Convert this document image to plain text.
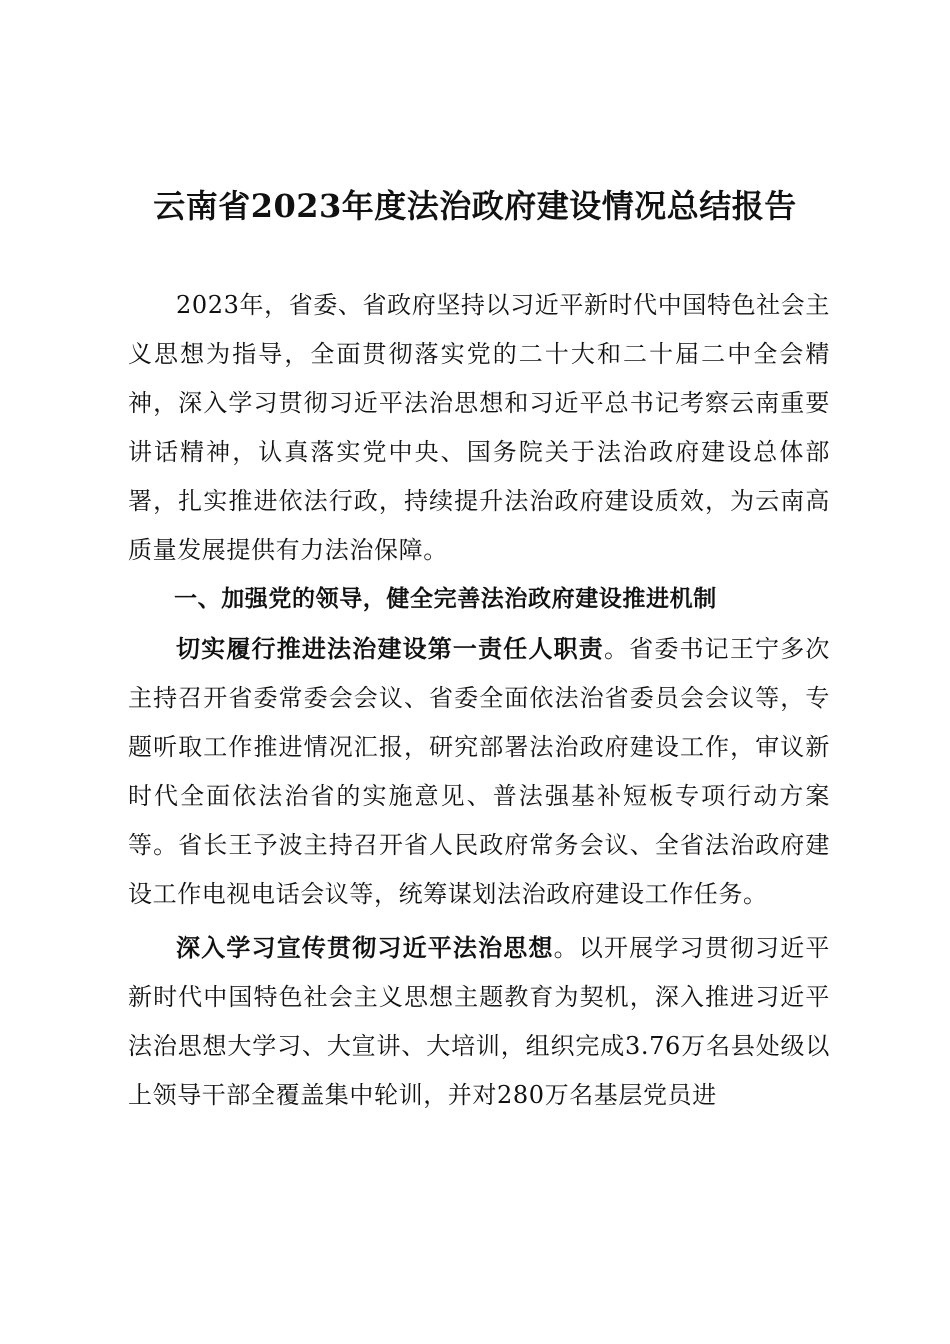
云南省2023年度法治政府建设情况总结报告

2023年，省委、省政府坚持以习近平新时代中国特色社会主义思想为指导，全面贯彻落实党的二十大和二十届二中全会精神，深入学习贯彻习近平法治思想和习近平总书记考察云南重要讲话精神，认真落实党中央、国务院关于法治政府建设总体部署，扎实推进依法行政，持续提升法治政府建设质效，为云南高质量发展提供有力法治保障。

一、加强党的领导，健全完善法治政府建设推进机制

切实履行推进法治建设第一责任人职责。省委书记王宁多次主持召开省委常委会会议、省委全面依法治省委员会会议等，专题听取工作推进情况汇报，研究部署法治政府建设工作，审议新时代全面依法治省的实施意见、普法强基补短板专项行动方案等。省长王予波主持召开省人民政府常务会议、全省法治政府建设工作电视电话会议等，统筹谋划法治政府建设工作任务。

深入学习宣传贯彻习近平法治思想。以开展学习贯彻习近平新时代中国特色社会主义思想主题教育为契机，深入推进习近平法治思想大学习、大宣讲、大培训，组织完成3.76万名县处级以上领导干部全覆盖集中轮训，并对280万名基层党员进
